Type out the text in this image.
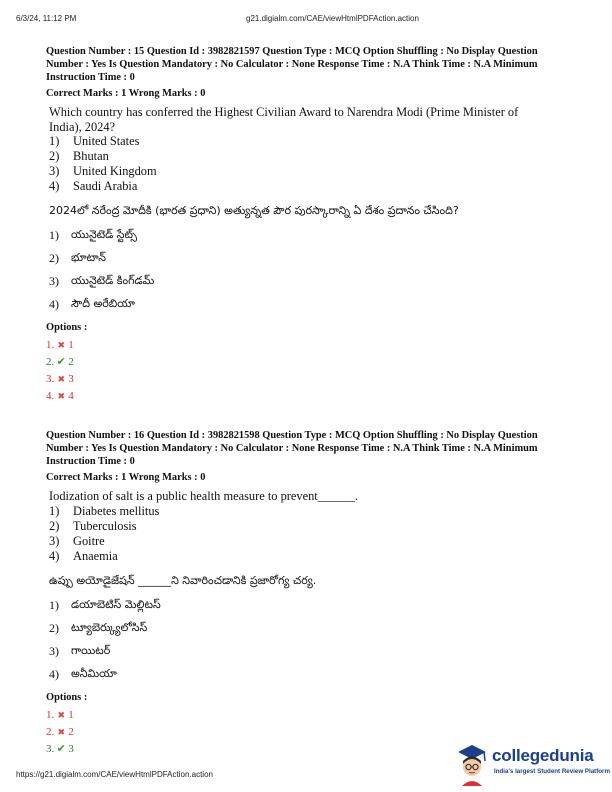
6/3/24, 11:12 PM	g21.digialm.com/CAE/viewHtmlPDFAction.action

Question Number : 15 Question Id : 3982821597 Question Type : MCQ Option Shuffling : No Display Question Number : Yes Is Question Mandatory : No Calculator : None Response Time : N.A Think Time : N.A Minimum Instruction Time : 0

Correct Marks : 1 Wrong Marks : 0
Which country has conferred the Highest Civilian Award to Narendra Modi (Prime Minister of India), 2024?
1)	United States
2)	Bhutan
3)	United Kingdom
4)	Saudi Arabia
2024లో నరేంద్ర మోదీకి (భారత ప్రధాని) అత్యున్నత పౌర పురస్కారాన్ని ఏ దేశం ప్రదానం చేసింది?
1)	యునైటెడ్ స్టేట్స్
2)	భూటాన్
3)	యునైటెడ్ కింగ్‌డమ్
4)	సౌదీ అరేబియా
Options :
1. ✖ 1
2. ✔ 2
3. ✖ 3
4. ✖ 4

Question Number : 16 Question Id : 3982821598 Question Type : MCQ Option Shuffling : No Display Question Number : Yes Is Question Mandatory : No Calculator : None Response Time : N.A Think Time : N.A Minimum Instruction Time : 0

Correct Marks : 1 Wrong Marks : 0
Iodization of salt is a public health measure to prevent______.
1)	Diabetes mellitus
2)	Tuberculosis
3)	Goitre
4)	Anaemia
ఉప్పు అయోడైజేషన్ ______ని నివారించడానికి ప్రజారోగ్య చర్య.
1)	డయాబెటిస్ మెల్లిటస్
2)	ట్యూబెర్క్యులోసిస్
3)	గాయిటర్
4)	అనీమియా
Options :
1. ✖ 1
2. ✖ 2
3. ✔ 3
https://g21.digialm.com/CAE/viewHtmlPDFAction.action
collegedunia
India's largest Student Review Platform
